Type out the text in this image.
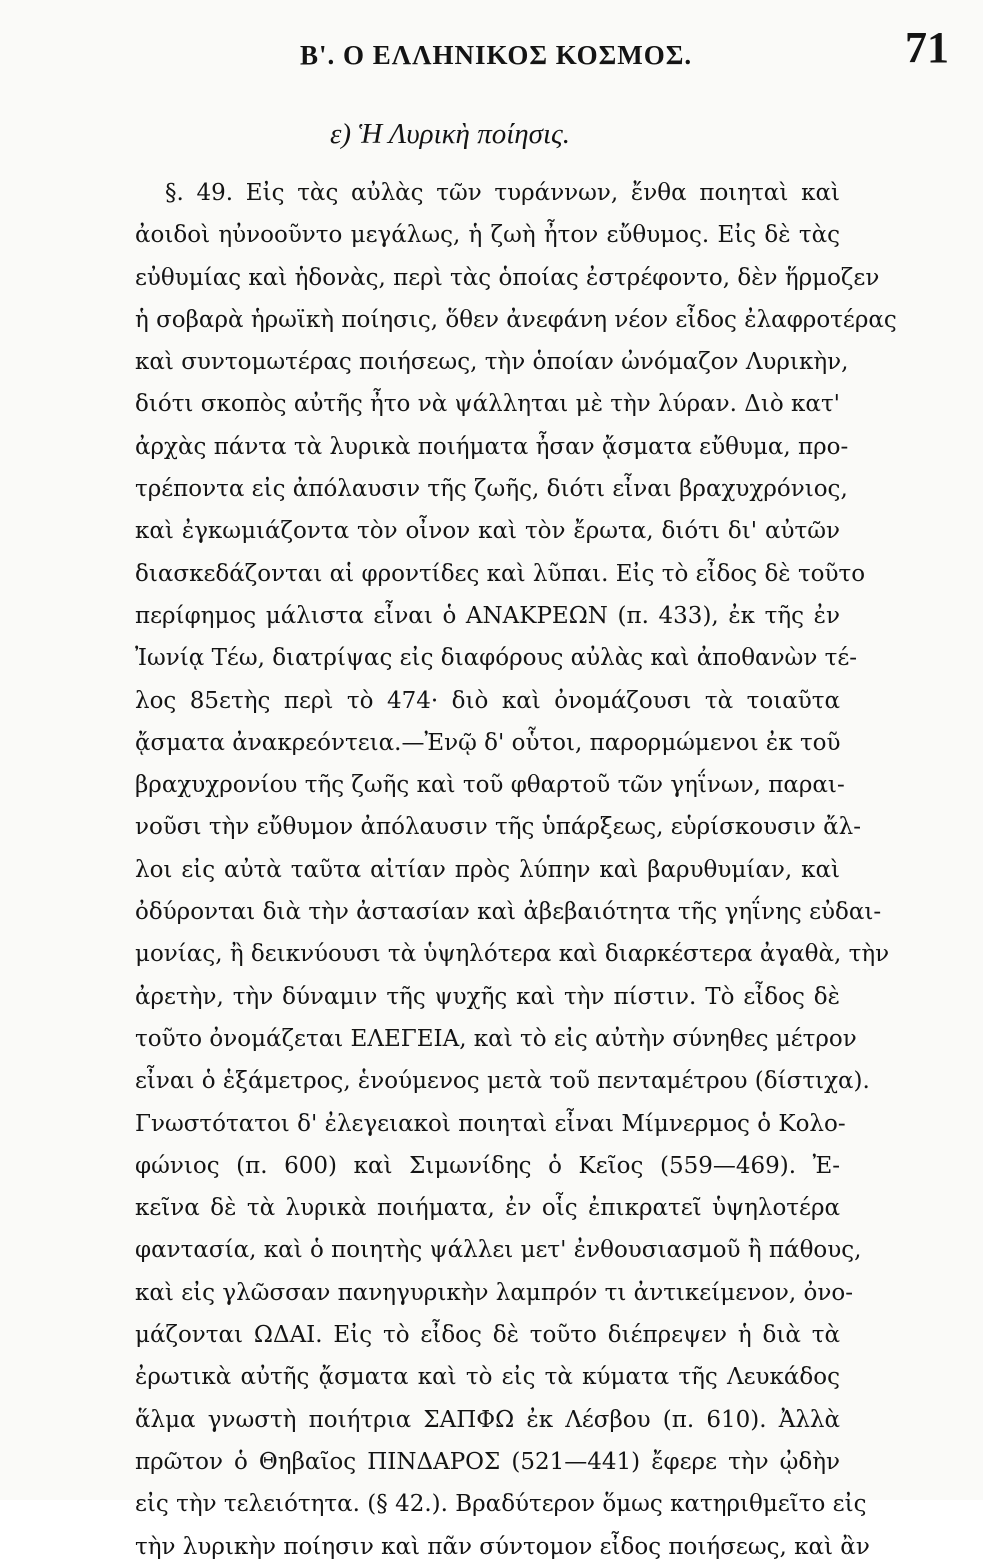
Β'. Ο ΕΛΛΗΝΙΚΟΣ ΚΟΣΜΟΣ.	71
ε) Ἡ Λυρικὴ ποίησις.
§. 49. Εἰς τὰς αὐλὰς τῶν τυράννων, ἔνθα ποιηταὶ καὶ
ἀοιδοὶ ηὐνοοῦντο μεγάλως, ἡ ζωὴ ἦτον εὔθυμος. Εἰς δὲ τὰς
εὐθυμίας καὶ ἡδονὰς, περὶ τὰς ὁποίας ἐστρέφοντο, δὲν ἥρμοζεν
ἡ σοβαρὰ ἡρωϊκὴ ποίησις, ὅθεν ἀνεφάνη νέον εἶδος ἐλαφροτέρας
καὶ συντομωτέρας ποιήσεως, τὴν ὁποίαν ὠνόμαζον Λυρικὴν,
διότι σκοπὸς αὐτῆς ἦτο νὰ ψάλληται μὲ τὴν λύραν. Διὸ κατ'
ἀρχὰς πάντα τὰ λυρικὰ ποιήματα ἦσαν ᾄσματα εὔθυμα, προ-
τρέποντα εἰς ἀπόλαυσιν τῆς ζωῆς, διότι εἶναι βραχυχρόνιος,
καὶ ἐγκωμιάζοντα τὸν οἶνον καὶ τὸν ἔρωτα, διότι δι' αὐτῶν
διασκεδάζονται αἱ φροντίδες καὶ λῦπαι. Εἰς τὸ εἶδος δὲ τοῦτο
περίφημος μάλιστα εἶναι ὁ ΑΝΑΚΡΕΩΝ (π. 433), ἐκ τῆς ἐν
Ἰωνίᾳ Τέω, διατρίψας εἰς διαφόρους αὐλὰς καὶ ἀποθανὼν τέ-
λος 85ετὴς περὶ τὸ 474· διὸ καὶ ὀνομάζουσι τὰ τοιαῦτα
ᾄσματα ἀνακρεόντεια.—Ἐνῷ δ' οὗτοι, παρορμώμενοι ἐκ τοῦ
βραχυχρονίου τῆς ζωῆς καὶ τοῦ φθαρτοῦ τῶν γηΐνων, παραι-
νοῦσι τὴν εὔθυμον ἀπόλαυσιν τῆς ὑπάρξεως, εὑρίσκουσιν ἄλ-
λοι εἰς αὐτὰ ταῦτα αἰτίαν πρὸς λύπην καὶ βαρυθυμίαν, καὶ
ὀδύρονται διὰ τὴν ἀστασίαν καὶ ἀβεβαιότητα τῆς γηΐνης εὐδαι-
μονίας, ἢ δεικνύουσι τὰ ὑψηλότερα καὶ διαρκέστερα ἀγαθὰ, τὴν
ἀρετὴν, τὴν δύναμιν τῆς ψυχῆς καὶ τὴν πίστιν. Τὸ εἶδος δὲ
τοῦτο ὀνομάζεται ΕΛΕΓΕΙΑ, καὶ τὸ εἰς αὐτὴν σύνηθες μέτρον
εἶναι ὁ ἑξάμετρος, ἑνούμενος μετὰ τοῦ πενταμέτρου (δίστιχα).
Γνωστότατοι δ' ἐλεγειακοὶ ποιηταὶ εἶναι Μίμνερμος ὁ Κολο-
φώνιος (π. 600) καὶ Σιμωνίδης ὁ Κεῖος (559—469). Ἐ-
κεῖνα δὲ τὰ λυρικὰ ποιήματα, ἐν οἷς ἐπικρατεῖ ὑψηλοτέρα
φαντασία, καὶ ὁ ποιητὴς ψάλλει μετ' ἐνθουσιασμοῦ ἢ πάθους,
καὶ εἰς γλῶσσαν πανηγυρικὴν λαμπρόν τι ἀντικείμενον, ὀνο-
μάζονται ΩΔΑΙ. Εἰς τὸ εἶδος δὲ τοῦτο διέπρεψεν ἡ διὰ τὰ
ἐρωτικὰ αὐτῆς ᾄσματα καὶ τὸ εἰς τὰ κύματα τῆς Λευκάδος
ἅλμα γνωστὴ ποιήτρια ΣΑΠΦΩ ἐκ Λέσβου (π. 610). Ἀλλὰ
πρῶτον ὁ Θηβαῖος ΠΙΝΔΑΡΟΣ (521—441) ἔφερε τὴν ᾠδὴν
εἰς τὴν τελειότητα. (§ 42.). Βραδύτερον ὅμως κατηριθμεῖτο εἰς
τὴν λυρικὴν ποίησιν καὶ πᾶν σύντομον εἶδος ποιήσεως, καὶ ἂν
